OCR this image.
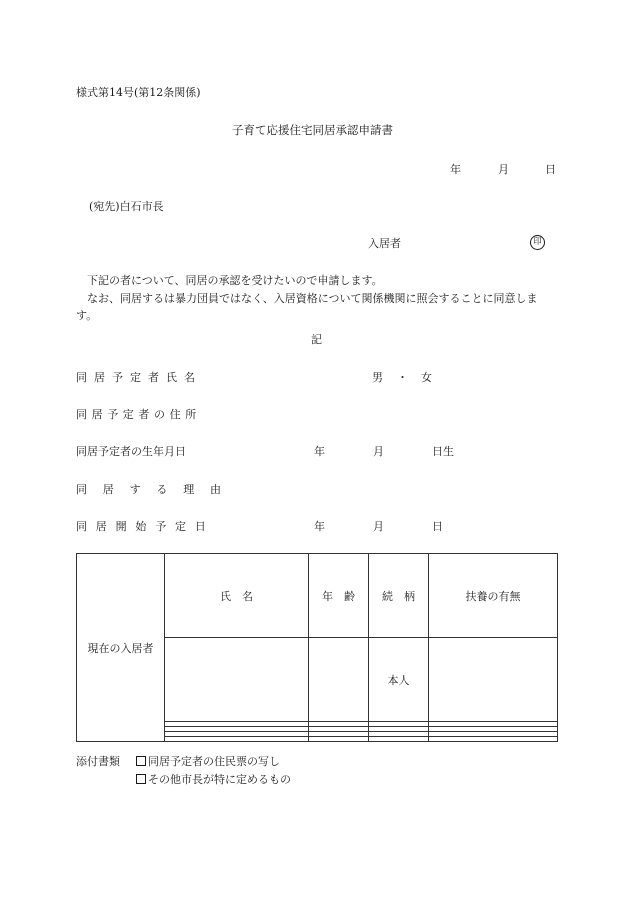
様式第14号(第12条関係)
子育て応援住宅同居承認申請書
年	月	日
(宛先)白石市長
入居者	印

下記の者について、同居の承認を受けたいので申請します。

なお、同居するは暴力団員ではなく、入居資格について関係機関に照会することに同意します。

記
同居予定者氏名	男 ・ 女
同居予定者の住所
同居予定者の生年月日	年	月	日生
同居する理由
同居開始予定日	年	月	日
現在の入居者	氏　名	年　齢	続　柄	扶養の有無
			本人	

添付書類	同居予定者の住民票の写し
その他市長が特に定めるもの
